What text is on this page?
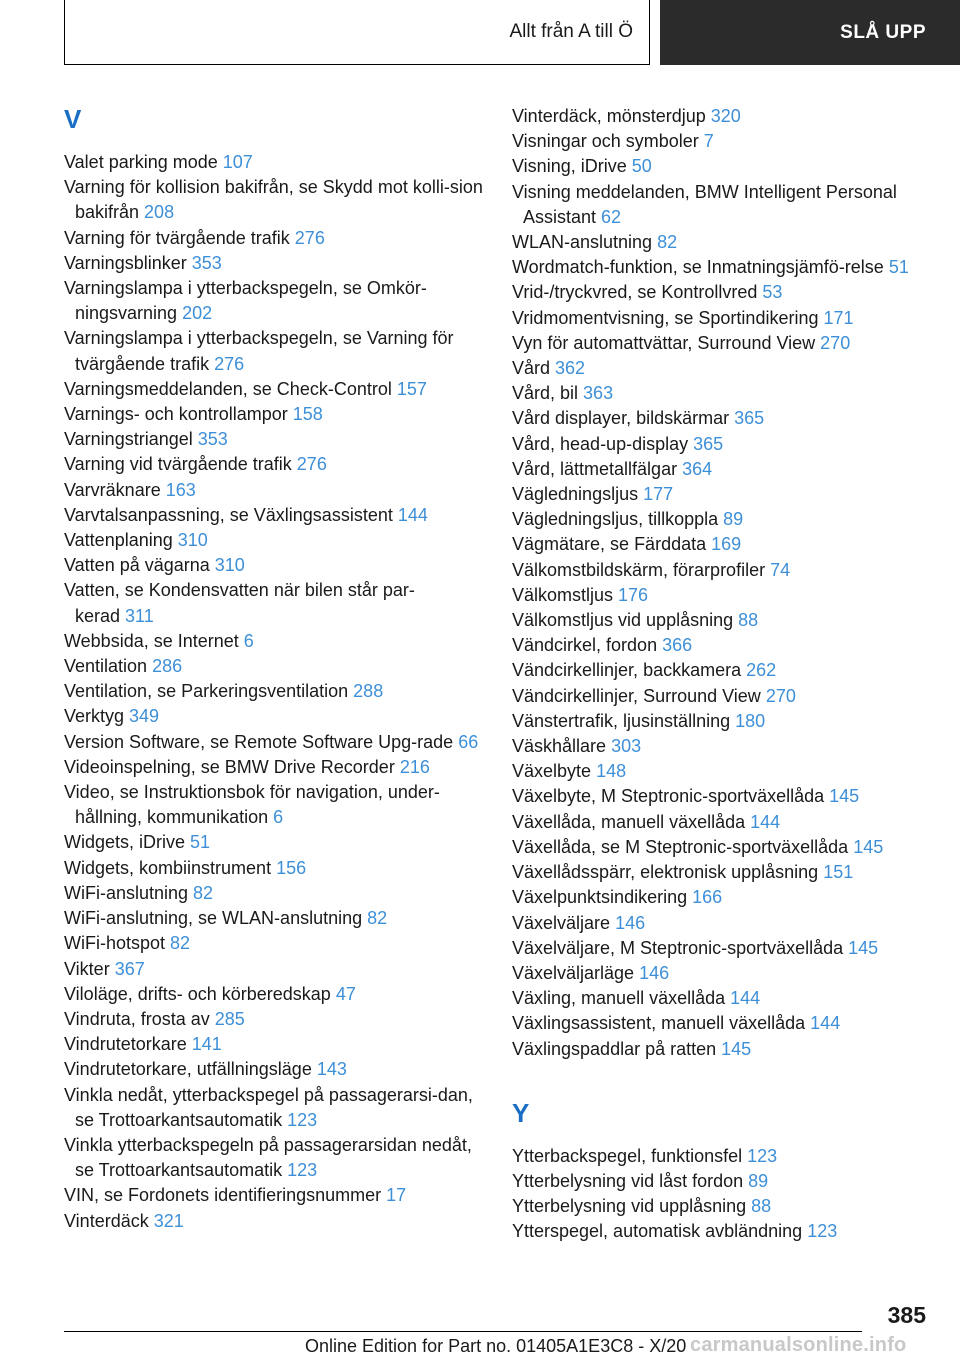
Allt från A till Ö	SLÅ UPP
V
Valet parking mode 107
Varning för kollision bakifrån, se Skydd mot kolli-sion bakifrån 208
Varning för tvärgående trafik 276
Varningsblinker 353
Varningslampa i ytterbackspegeln, se Omkör-ningsvarning 202
Varningslampa i ytterbackspegeln, se Varning för tvärgående trafik 276
Varningsmeddelanden, se Check-Control 157
Varnings- och kontrollampor 158
Varningstriangel 353
Varning vid tvärgående trafik 276
Varvräknare 163
Varvtalsanpassning, se Växlingsassistent 144
Vattenplaning 310
Vatten på vägarna 310
Vatten, se Kondensvatten när bilen står par-kerad 311
Webbsida, se Internet 6
Ventilation 286
Ventilation, se Parkeringsventilation 288
Verktyg 349
Version Software, se Remote Software Upg-rade 66
Videoinspelning, se BMW Drive Recorder 216
Video, se Instruktionsbok för navigation, under-hållning, kommunikation 6
Widgets, iDrive 51
Widgets, kombiinstrument 156
WiFi-anslutning 82
WiFi-anslutning, se WLAN-anslutning 82
WiFi-hotspot 82
Vikter 367
Viloläge, drifts- och körberedskap 47
Vindruta, frosta av 285
Vindrutetorkare 141
Vindrutetorkare, utfällningsläge 143
Vinkla nedåt, ytterbackspegel på passagerarsi-dan, se Trottoarkantsautomatik 123
Vinkla ytterbackspegeln på passagerarsidan nedåt, se Trottoarkantsautomatik 123
VIN, se Fordonets identifieringsnummer 17
Vinterdäck 321
Vinterdäck, mönsterdjup 320
Visningar och symboler 7
Visning, iDrive 50
Visning meddelanden, BMW Intelligent Personal Assistant 62
WLAN-anslutning 82
Wordmatch-funktion, se Inmatningsjämfö-relse 51
Vrid-/tryckvred, se Kontrollvred 53
Vridmomentvisning, se Sportindikering 171
Vyn för automattvättar, Surround View 270
Vård 362
Vård, bil 363
Vård displayer, bildskärmar 365
Vård, head-up-display 365
Vård, lättmetallfälgar 364
Vägledningsljus 177
Vägledningsljus, tillkoppla 89
Vägmätare, se Färddata 169
Välkomstbildskärm, förarprofiler 74
Välkomstljus 176
Välkomstljus vid upplåsning 88
Vändcirkel, fordon 366
Vändcirkellinjer, backkamera 262
Vändcirkellinjer, Surround View 270
Vänstertrafik, ljusinställning 180
Väskhållare 303
Växelbyte 148
Växelbyte, M Steptronic-sportväxellåda 145
Växellåda, manuell växellåda 144
Växellåda, se M Steptronic-sportväxellåda 145
Växellådsspärr, elektronisk upplåsning 151
Växelpunktsindikering 166
Växelväljare 146
Växelväljare, M Steptronic-sportväxellåda 145
Växelväljarläge 146
Växling, manuell växellåda 144
Växlingsassistent, manuell växellåda 144
Växlingspaddlar på ratten 145
Y
Ytterbackspegel, funktionsfel 123
Ytterbelysning vid låst fordon 89
Ytterbelysning vid upplåsning 88
Ytterspegel, automatisk avbländning 123
385
Online Edition for Part no. 01405A1E3C8 - X/20 carmanualsonline.info
